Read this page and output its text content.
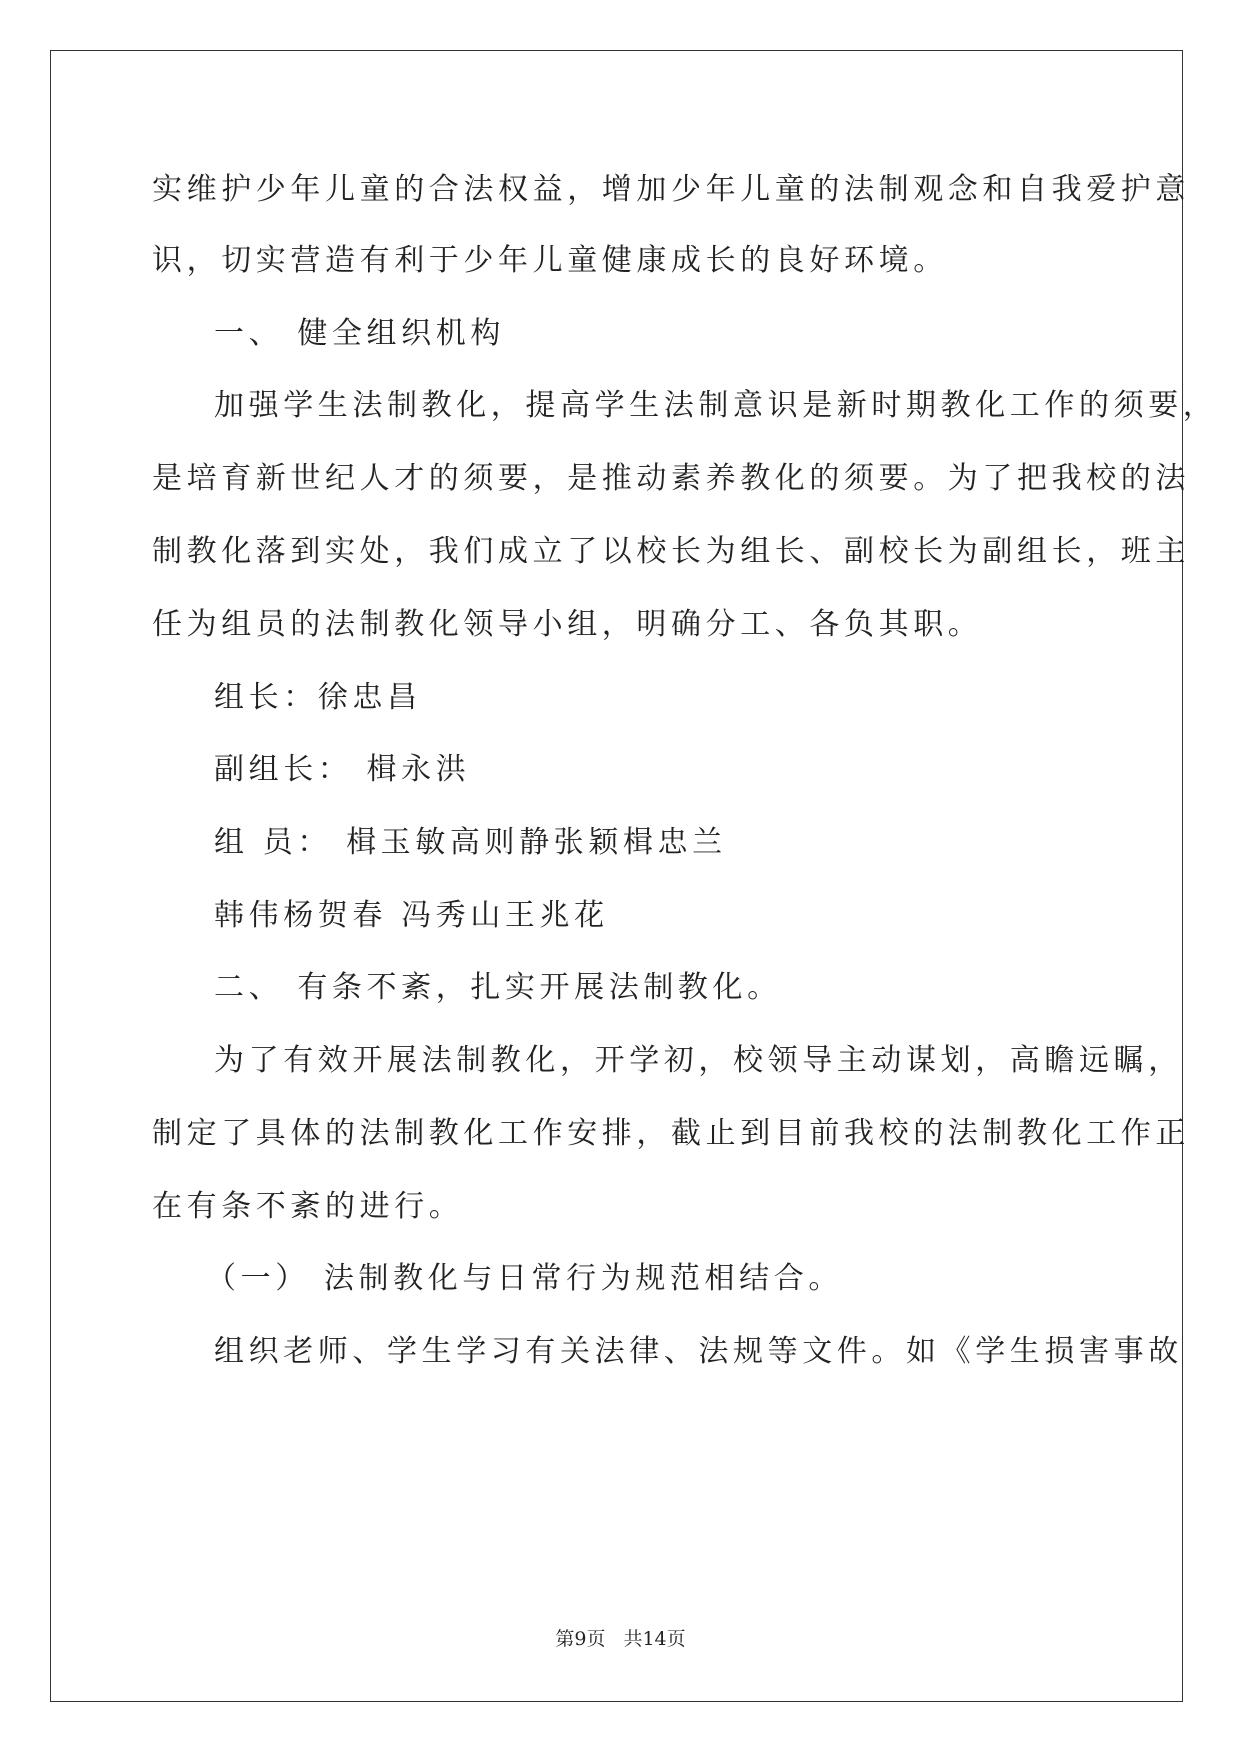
实维护少年儿童的合法权益，增加少年儿童的法制观念和自我爱护意
识，切实营造有利于少年儿童健康成长的良好环境。
一、 健全组织机构
加强学生法制教化，提高学生法制意识是新时期教化工作的须要，
是培育新世纪人才的须要，是推动素养教化的须要。为了把我校的法
制教化落到实处，我们成立了以校长为组长、副校长为副组长，班主
任为组员的法制教化领导小组，明确分工、各负其职。
组长：徐忠昌
副组长： 楫永洪
组 员： 楫玉敏高则静张颖楫忠兰
韩伟杨贺春 冯秀山王兆花
二、 有条不紊，扎实开展法制教化。
为了有效开展法制教化，开学初，校领导主动谋划，高瞻远瞩，
制定了具体的法制教化工作安排，截止到目前我校的法制教化工作正
在有条不紊的进行。
（一） 法制教化与日常行为规范相结合。
组织老师、学生学习有关法律、法规等文件。如《学生损害事故
第9页 共14页
